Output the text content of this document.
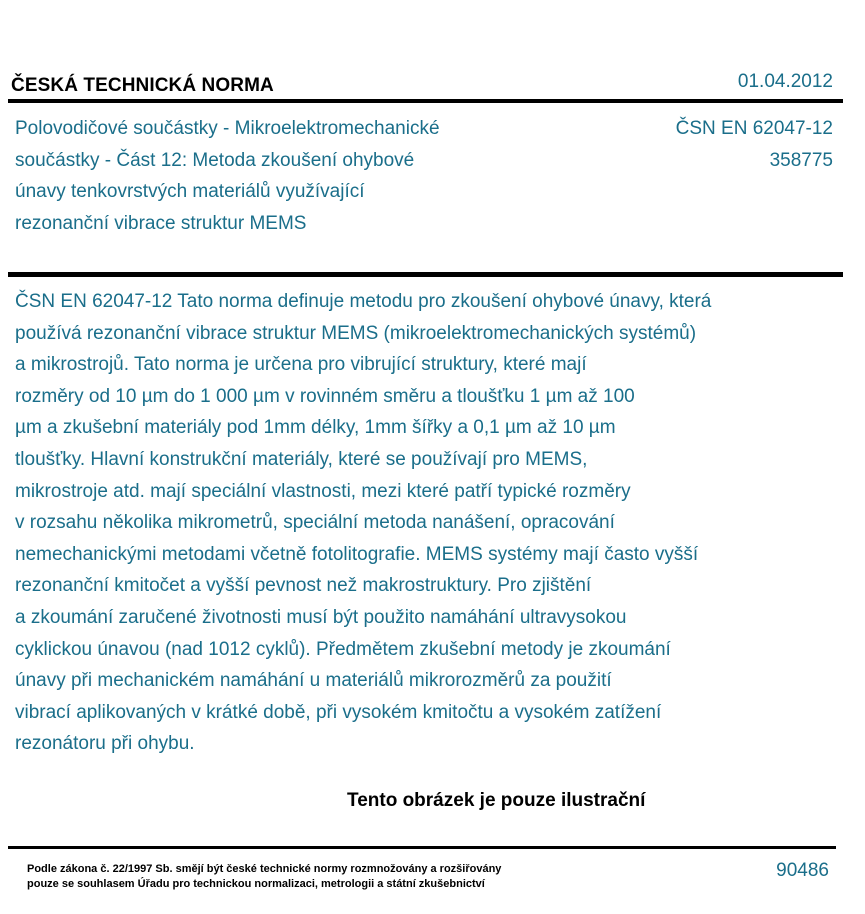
ČESKÁ TECHNICKÁ NORMA	01.04.2012
Polovodičové součástky - Mikroelektromechanické
součástky - Část 12: Metoda zkoušení ohybové
únavy tenkovrstvých materiálů využívající
rezonanční vibrace struktur MEMS
ČSN EN 62047-12
358775
ČSN EN 62047-12 Tato norma definuje metodu pro zkoušení ohybové únavy, která
používá rezonanční vibrace struktur MEMS (mikroelektromechanických systémů)
a mikrostrojů. Tato norma je určena pro vibrující struktury, které mají
rozměry od 10 µm do 1 000 µm v rovinném směru a tloušťku 1 µm až 100
µm a zkušební materiály pod 1mm délky, 1mm šířky a 0,1 µm až 10 µm
tloušťky. Hlavní konstrukční materiály, které se používají pro MEMS,
mikrostroje atd. mají speciální vlastnosti, mezi které patří typické rozměry
v rozsahu několika mikrometrů, speciální metoda nanášení, opracování
nemechanickými metodami včetně fotolitografie. MEMS systémy mají často vyšší
rezonanční kmitočet a vyšší pevnost než makrostruktury. Pro zjištění
a zkoumání zaručené životnosti musí být použito namáhání ultravysokou
cyklickou únavou (nad 1012 cyklů). Předmětem zkušební metody je zkoumání
únavy při mechanickém namáhání u materiálů mikrorozměrů za použití
vibrací aplikovaných v krátké době, při vysokém kmitočtu a vysokém zatížení
rezonátoru při ohybu.
Tento obrázek je pouze ilustrační
Podle zákona č. 22/1997 Sb. smějí být české technické normy rozmnožovány a rozšiřovány
pouze se souhlasem Úřadu pro technickou normalizaci, metrologii a státní zkušebnictví
90486
